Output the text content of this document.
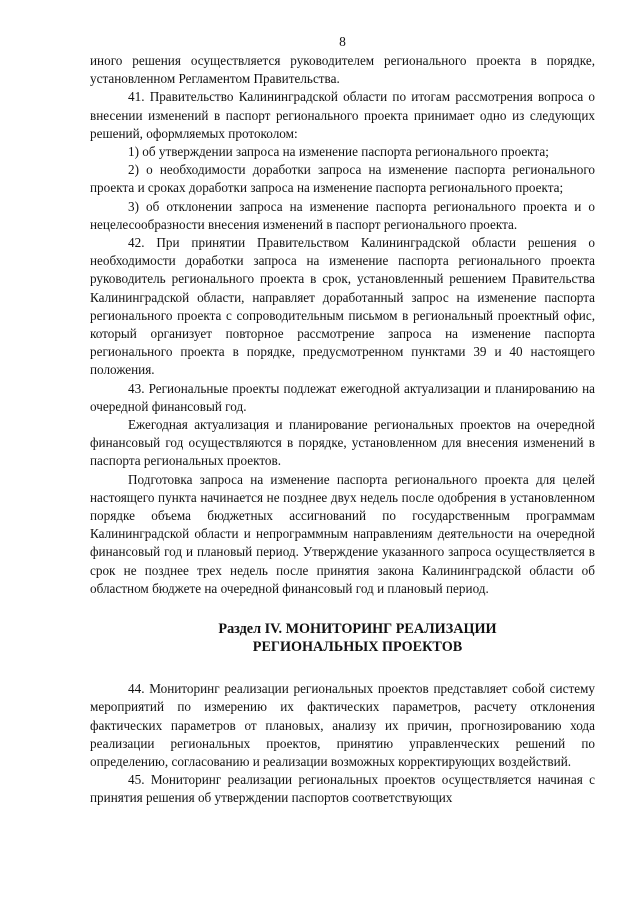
8

иного решения осуществляется руководителем регионального проекта в порядке, установленном Регламентом Правительства.

41. Правительство Калининградской области по итогам рассмотрения вопроса о внесении изменений в паспорт регионального проекта принимает одно из следующих решений, оформляемых протоколом:

1) об утверждении запроса на изменение паспорта регионального проекта;

2) о необходимости доработки запроса на изменение паспорта регионального проекта и сроках доработки запроса на изменение паспорта регионального проекта;

3) об отклонении запроса на изменение паспорта регионального проекта и о нецелесообразности внесения изменений в паспорт регионального проекта.

42. При принятии Правительством Калининградской области решения о необходимости доработки запроса на изменение паспорта регионального проекта руководитель регионального проекта в срок, установленный решением Правительства Калининградской области, направляет доработанный запрос на изменение паспорта регионального проекта с сопроводительным письмом в региональный проектный офис, который организует повторное рассмотрение запроса на изменение паспорта регионального проекта в порядке, предусмотренном пунктами 39 и 40 настоящего положения.

43. Региональные проекты подлежат ежегодной актуализации и планированию на очередной финансовый год.

Ежегодная актуализация и планирование региональных проектов на очередной финансовый год осуществляются в порядке, установленном для внесения изменений в паспорта региональных проектов.

Подготовка запроса на изменение паспорта регионального проекта для целей настоящего пункта начинается не позднее двух недель после одобрения в установленном порядке объема бюджетных ассигнований по государственным программам Калининградской области и непрограммным направлениям деятельности на очередной финансовый год и плановый период. Утверждение указанного запроса осуществляется в срок не позднее трех недель после принятия закона Калининградской области об областном бюджете на очередной финансовый год и плановый период.

Раздел IV. МОНИТОРИНГ РЕАЛИЗАЦИИ
РЕГИОНАЛЬНЫХ ПРОЕКТОВ

44. Мониторинг реализации региональных проектов представляет собой систему мероприятий по измерению их фактических параметров, расчету отклонения фактических параметров от плановых, анализу их причин, прогнозированию хода реализации региональных проектов, принятию управленческих решений по определению, согласованию и реализации возможных корректирующих воздействий.

45. Мониторинг реализации региональных проектов осуществляется начиная с принятия решения об утверждении паспортов соответствующих
